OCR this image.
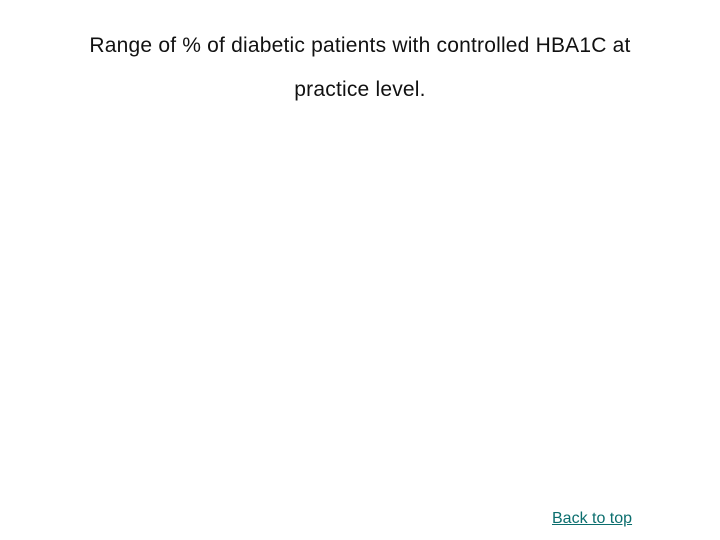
Range of % of diabetic patients with controlled HBA1C at
practice level.
Back to top
